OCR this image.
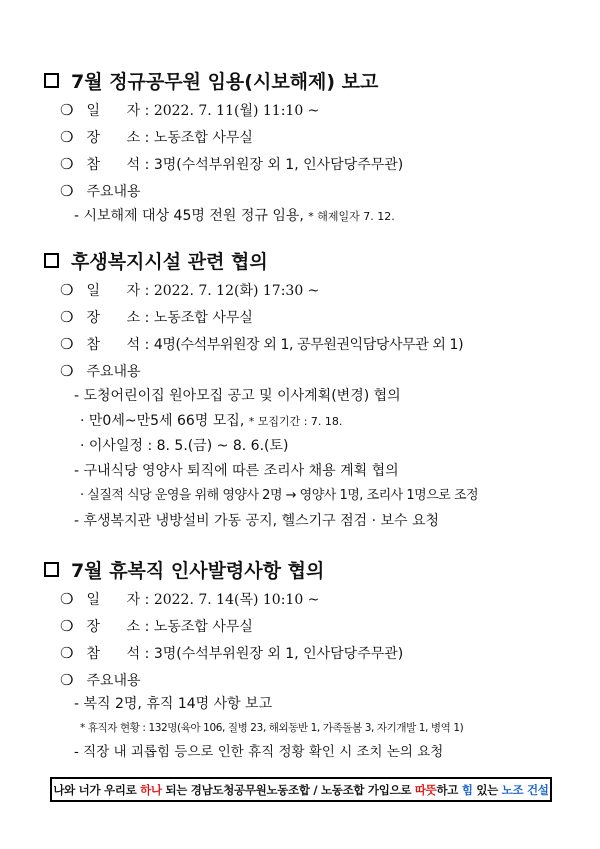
7월 정규공무원 임용(시보해제) 보고
❍ 일      자 : 2022. 7. 11(월) 11:10 ~
❍ 장      소 : 노동조합 사무실
❍ 참      석 : 3명(수석부위원장 외 1, 인사담당주무관)
❍ 주요내용
- 시보해제 대상 45명 전원 정규 임용, * 해제일자 7. 12.
후생복지시설 관련 협의
❍ 일      자 : 2022. 7. 12(화) 17:30 ~
❍ 장      소 : 노동조합 사무실
❍ 참      석 : 4명(수석부위원장 외 1, 공무원권익담당사무관 외 1)
❍ 주요내용
- 도청어린이집 원아모집 공고 및 이사계획(변경) 협의
· 만0세~만5세 66명 모집, * 모집기간 : 7. 18.
· 이사일정 : 8. 5.(금) ~ 8. 6.(토)
- 구내식당 영양사 퇴직에 따른 조리사 채용 계획 협의
· 실질적 식당 운영을 위해 영양사 2명 → 영양사 1명, 조리사 1명으로 조정
- 후생복지관 냉방설비 가동 공지, 헬스기구 점검 · 보수 요청
7월 휴복직 인사발령사항 협의
❍ 일      자 : 2022. 7. 14(목) 10:10 ~
❍ 장      소 : 노동조합 사무실
❍ 참      석 : 3명(수석부위원장 외 1, 인사담당주무관)
❍ 주요내용
- 복직 2명, 휴직 14명 사항 보고
* 휴직자 현황 : 132명(육아 106, 질병 23, 해외동반 1, 가족돌봄 3, 자기개발 1, 병역 1)
- 직장 내 괴롭힘 등으로 인한 휴직 정황 확인 시 조치 논의 요청
나와 너가 우리로 하나 되는 경남도청공무원노동조합 / 노동조합 가입으로 따뜻 하고 힘 있는 노조 건설
